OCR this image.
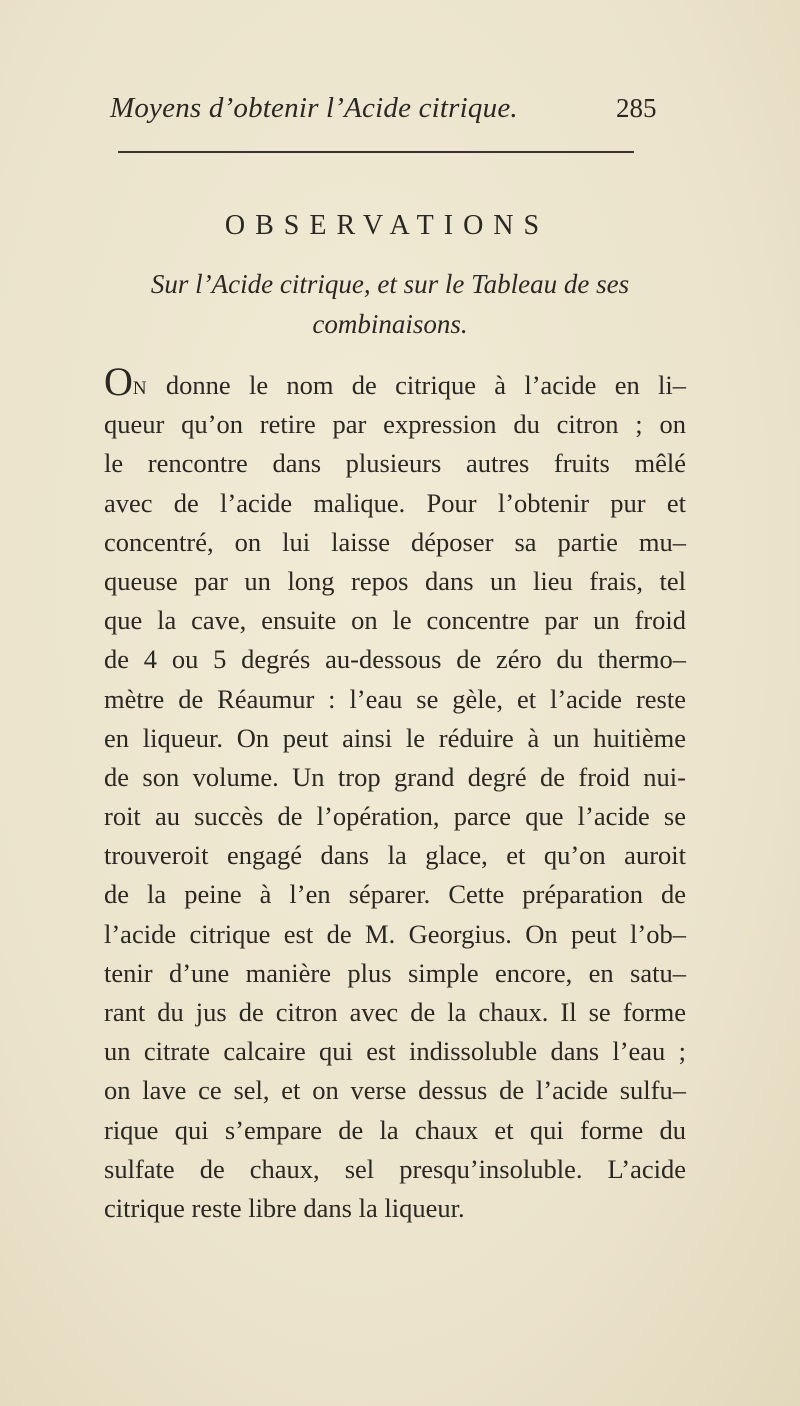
Moyens d’obtenir l’Acide citrique.	285
OBSERVATIONS
Sur l’Acide citrique, et sur le Tableau de ses
combinaisons.
ON donne le nom de citrique à l’acide en li–
queur qu’on retire par expression du citron ; on
le rencontre dans plusieurs autres fruits mêlé
avec de l’acide malique. Pour l’obtenir pur et
concentré, on lui laisse déposer sa partie mu–
queuse par un long repos dans un lieu frais, tel
que la cave, ensuite on le concentre par un froid
de 4 ou 5 degrés au-dessous de zéro du thermo–
mètre de Réaumur : l’eau se gèle, et l’acide reste
en liqueur. On peut ainsi le réduire à un huitième
de son volume. Un trop grand degré de froid nui-
roit au succès de l’opération, parce que l’acide se
trouveroit engagé dans la glace, et qu’on auroit
de la peine à l’en séparer. Cette préparation de
l’acide citrique est de M. Georgius. On peut l’ob–
tenir d’une manière plus simple encore, en satu–
rant du jus de citron avec de la chaux. Il se forme
un citrate calcaire qui est indissoluble dans l’eau ;
on lave ce sel, et on verse dessus de l’acide sulfu–
rique qui s’empare de la chaux et qui forme du
sulfate de chaux, sel presqu’insoluble. L’acide
citrique reste libre dans la liqueur.
